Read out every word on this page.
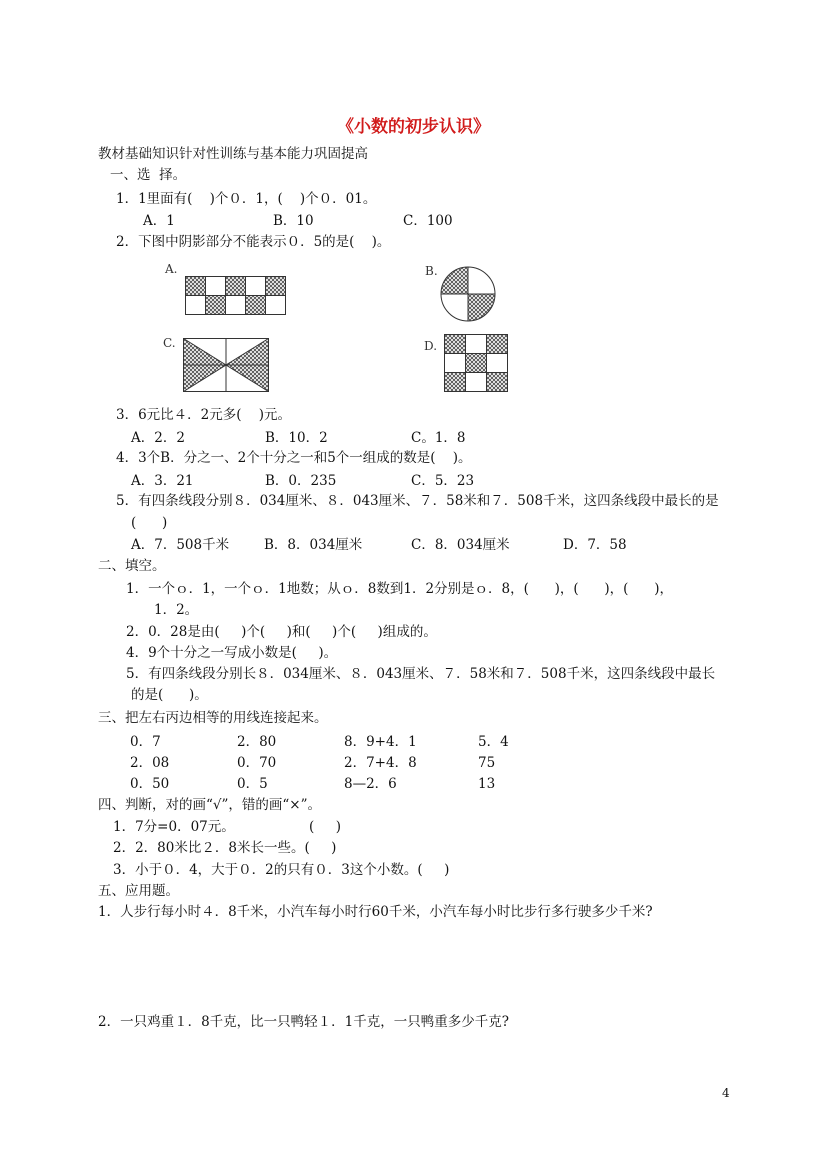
《小数的初步认识》
教材基础知识针对性训练与基本能力巩固提高
一、选  择。
1．1里面有(    )个０．1，(    )个０．01。
A．1	B．10	C．100
2．下图中阴影部分不能表示０．5的是(    )。
A.	B.
C.	D.
3．6元比４．2元多(    )元。
A．2．2	B．10．2	C。1．8
4．3个B．分之一、2个十分之一和5个一组成的数是(    )。
A．3．21	B．0．235	C．5．23
5．有四条线段分别８．034厘米、８．043厘米、７．58米和７．508千米，这四条线段中最长的是
(      )
A．7．508千米	B．8．034厘米	C．8．034厘米	D．7．58
二、填空。
1．一个ｏ．1，一个ｏ．1地数；从ｏ．8数到1．2分别是ｏ．8，(      )，(      )，(      )，
1．2。
2．0．28是由(     )个(     )和(     )个(     )组成的。
4．9个十分之一写成小数是(     )。
5．有四条线段分别长８．034厘米、８．043厘米、７．58米和７．508千米，这四条线段中最长
的是(      )。
三、把左右丙边相等的用线连接起来。
0．7	2．80	8．9+4．1	5．4
2．08	0．70	2．7+4．8	75
0．50	0．5	8—2．6	13
四、判断，对的画“√”，错的画“×”。
1．7分=0．07元。	(     )
2．2．80米比２．8米长一些。(     )
3．小于０．4，大于０．2的只有０．3这个小数。(     )
五、应用题。
1．人步行每小时４．8千米，小汽车每小时行60千米，小汽车每小时比步行多行驶多少千米?
2．一只鸡重１．8千克，比一只鸭轻１．1千克，一只鸭重多少千克?
4
